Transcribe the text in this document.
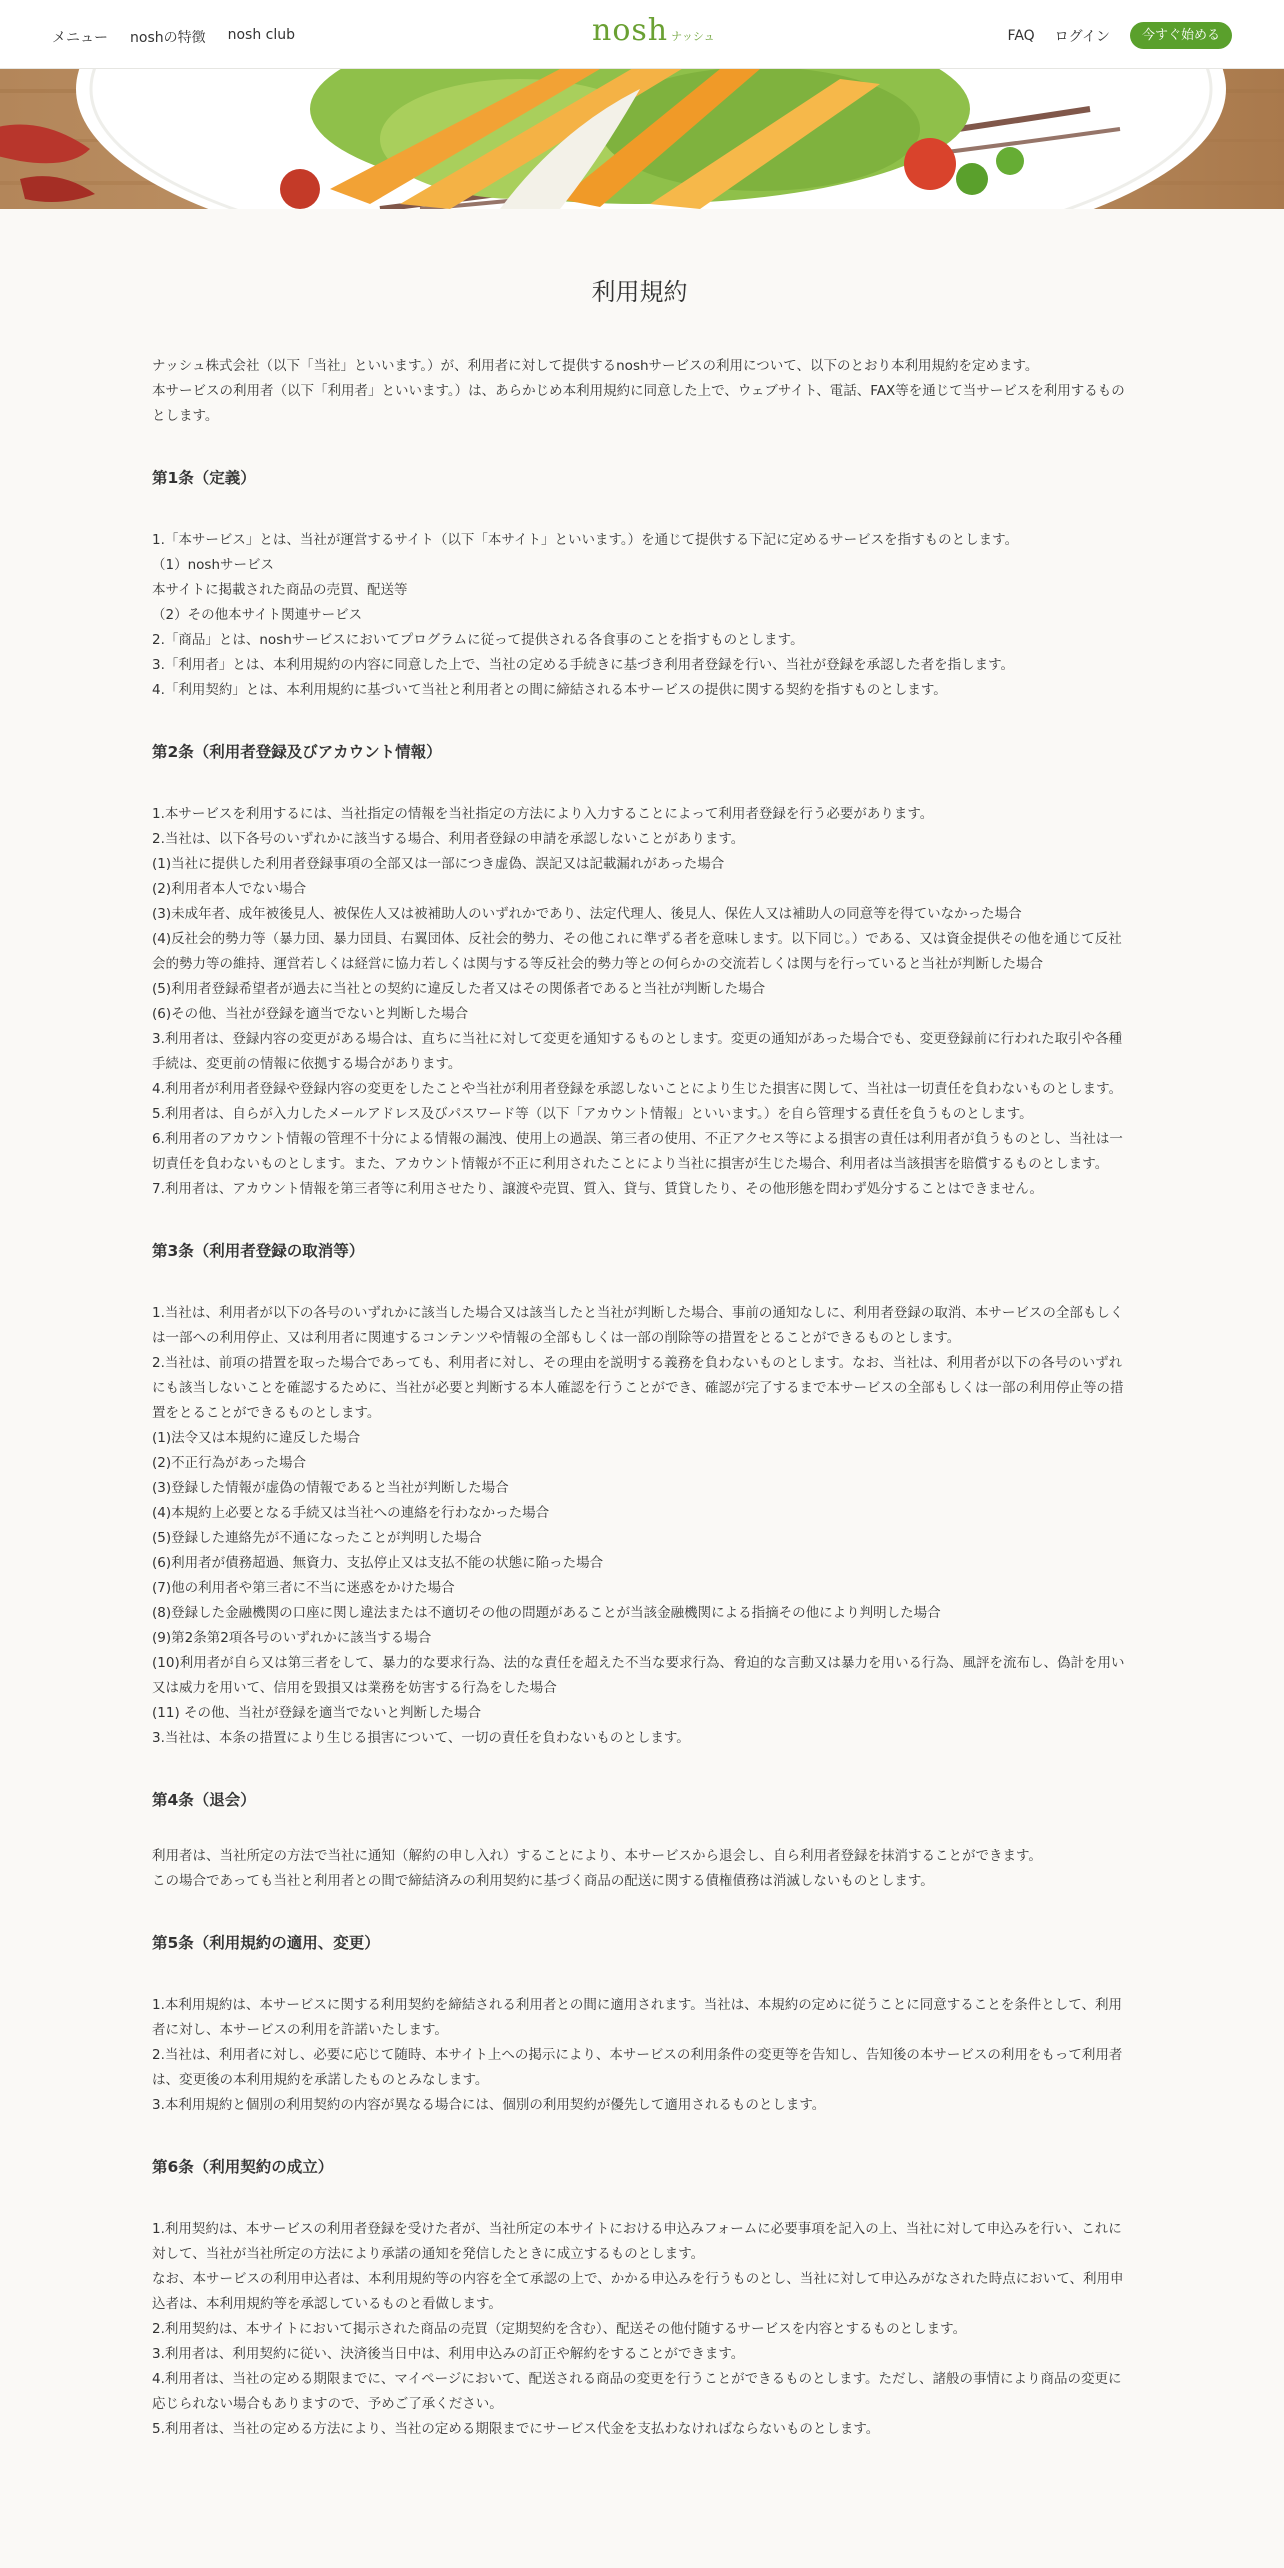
メニュー noshの特徴 nosh club	nosh ナッシュ	FAQ ログイン	今すぐ始める
利用規約

ナッシュ株式会社（以下「当社」といいます。）が、利用者に対して提供するnoshサービスの利用について、以下のとおり本利用規約を定めます。

本サービスの利用者（以下「利用者」といいます。）は、あらかじめ本利用規約に同意した上で、ウェブサイト、電話、FAX等を通じて当サービスを利用するものとします。

第1条（定義）

1.「本サービス」とは、当社が運営するサイト（以下「本サイト」といいます。）を通じて提供する下記に定めるサービスを指すものとします。

（1）noshサービス

本サイトに掲載された商品の売買、配送等

（2）その他本サイト関連サービス

2.「商品」とは、noshサービスにおいてプログラムに従って提供される各食事のことを指すものとします。

3.「利用者」とは、本利用規約の内容に同意した上で、当社の定める手続きに基づき利用者登録を行い、当社が登録を承認した者を指します。

4.「利用契約」とは、本利用規約に基づいて当社と利用者との間に締結される本サービスの提供に関する契約を指すものとします。

第2条（利用者登録及びアカウント情報）

1.本サービスを利用するには、当社指定の情報を当社指定の方法により入力することによって利用者登録を行う必要があります。

2.当社は、以下各号のいずれかに該当する場合、利用者登録の申請を承認しないことがあります。

(1)当社に提供した利用者登録事項の全部又は一部につき虚偽、誤記又は記載漏れがあった場合

(2)利用者本人でない場合

(3)未成年者、成年被後見人、被保佐人又は被補助人のいずれかであり、法定代理人、後見人、保佐人又は補助人の同意等を得ていなかった場合

(4)反社会的勢力等（暴力団、暴力団員、右翼団体、反社会的勢力、その他これに準ずる者を意味します。以下同じ。）である、又は資金提供その他を通じて反社会的勢力等の維持、運営若しくは経営に協力若しくは関与する等反社会的勢力等との何らかの交流若しくは関与を行っていると当社が判断した場合

(5)利用者登録希望者が過去に当社との契約に違反した者又はその関係者であると当社が判断した場合

(6)その他、当社が登録を適当でないと判断した場合

3.利用者は、登録内容の変更がある場合は、直ちに当社に対して変更を通知するものとします。変更の通知があった場合でも、変更登録前に行われた取引や各種手続は、変更前の情報に依拠する場合があります。

4.利用者が利用者登録や登録内容の変更をしたことや当社が利用者登録を承認しないことにより生じた損害に関して、当社は一切責任を負わないものとします。

5.利用者は、自らが入力したメールアドレス及びパスワード等（以下「アカウント情報」といいます。）を自ら管理する責任を負うものとします。

6.利用者のアカウント情報の管理不十分による情報の漏洩、使用上の過誤、第三者の使用、不正アクセス等による損害の責任は利用者が負うものとし、当社は一切責任を負わないものとします。また、アカウント情報が不正に利用されたことにより当社に損害が生じた場合、利用者は当該損害を賠償するものとします。

7.利用者は、アカウント情報を第三者等に利用させたり、譲渡や売買、質入、貸与、賃貸したり、その他形態を問わず処分することはできません。

第3条（利用者登録の取消等）

1.当社は、利用者が以下の各号のいずれかに該当した場合又は該当したと当社が判断した場合、事前の通知なしに、利用者登録の取消、本サービスの全部もしくは一部への利用停止、又は利用者に関連するコンテンツや情報の全部もしくは一部の削除等の措置をとることができるものとします。

2.当社は、前項の措置を取った場合であっても、利用者に対し、その理由を説明する義務を負わないものとします。なお、当社は、利用者が以下の各号のいずれにも該当しないことを確認するために、当社が必要と判断する本人確認を行うことができ、確認が完了するまで本サービスの全部もしくは一部の利用停止等の措置をとることができるものとします。

(1)法令又は本規約に違反した場合

(2)不正行為があった場合

(3)登録した情報が虚偽の情報であると当社が判断した場合

(4)本規約上必要となる手続又は当社への連絡を行わなかった場合

(5)登録した連絡先が不通になったことが判明した場合

(6)利用者が債務超過、無資力、支払停止又は支払不能の状態に陥った場合

(7)他の利用者や第三者に不当に迷惑をかけた場合

(8)登録した金融機関の口座に関し違法または不適切その他の問題があることが当該金融機関による指摘その他により判明した場合

(9)第2条第2項各号のいずれかに該当する場合

(10)利用者が自ら又は第三者をして、暴力的な要求行為、法的な責任を超えた不当な要求行為、脅迫的な言動又は暴力を用いる行為、風評を流布し、偽計を用い又は威力を用いて、信用を毀損又は業務を妨害する行為をした場合

(11) その他、当社が登録を適当でないと判断した場合

3.当社は、本条の措置により生じる損害について、一切の責任を負わないものとします。

第4条（退会）

利用者は、当社所定の方法で当社に通知（解約の申し入れ）することにより、本サービスから退会し、自ら利用者登録を抹消することができます。

この場合であっても当社と利用者との間で締結済みの利用契約に基づく商品の配送に関する債権債務は消滅しないものとします。

第5条（利用規約の適用、変更）

1.本利用規約は、本サービスに関する利用契約を締結される利用者との間に適用されます。当社は、本規約の定めに従うことに同意することを条件として、利用者に対し、本サービスの利用を許諾いたします。

2.当社は、利用者に対し、必要に応じて随時、本サイト上への掲示により、本サービスの利用条件の変更等を告知し、告知後の本サービスの利用をもって利用者は、変更後の本利用規約を承諾したものとみなします。

3.本利用規約と個別の利用契約の内容が異なる場合には、個別の利用契約が優先して適用されるものとします。

第6条（利用契約の成立）

1.利用契約は、本サービスの利用者登録を受けた者が、当社所定の本サイトにおける申込みフォームに必要事項を記入の上、当社に対して申込みを行い、これに対して、当社が当社所定の方法により承諾の通知を発信したときに成立するものとします。

なお、本サービスの利用申込者は、本利用規約等の内容を全て承認の上で、かかる申込みを行うものとし、当社に対して申込みがなされた時点において、利用申込者は、本利用規約等を承認しているものと看做します。

2.利用契約は、本サイトにおいて掲示された商品の売買（定期契約を含む）、配送その他付随するサービスを内容とするものとします。

3.利用者は、利用契約に従い、決済後当日中は、利用申込みの訂正や解約をすることができます。

4.利用者は、当社の定める期限までに、マイページにおいて、配送される商品の変更を行うことができるものとします。ただし、諸般の事情により商品の変更に応じられない場合もありますので、予めご了承ください。

5.利用者は、当社の定める方法により、当社の定める期限までにサービス代金を支払わなければならないものとします。
